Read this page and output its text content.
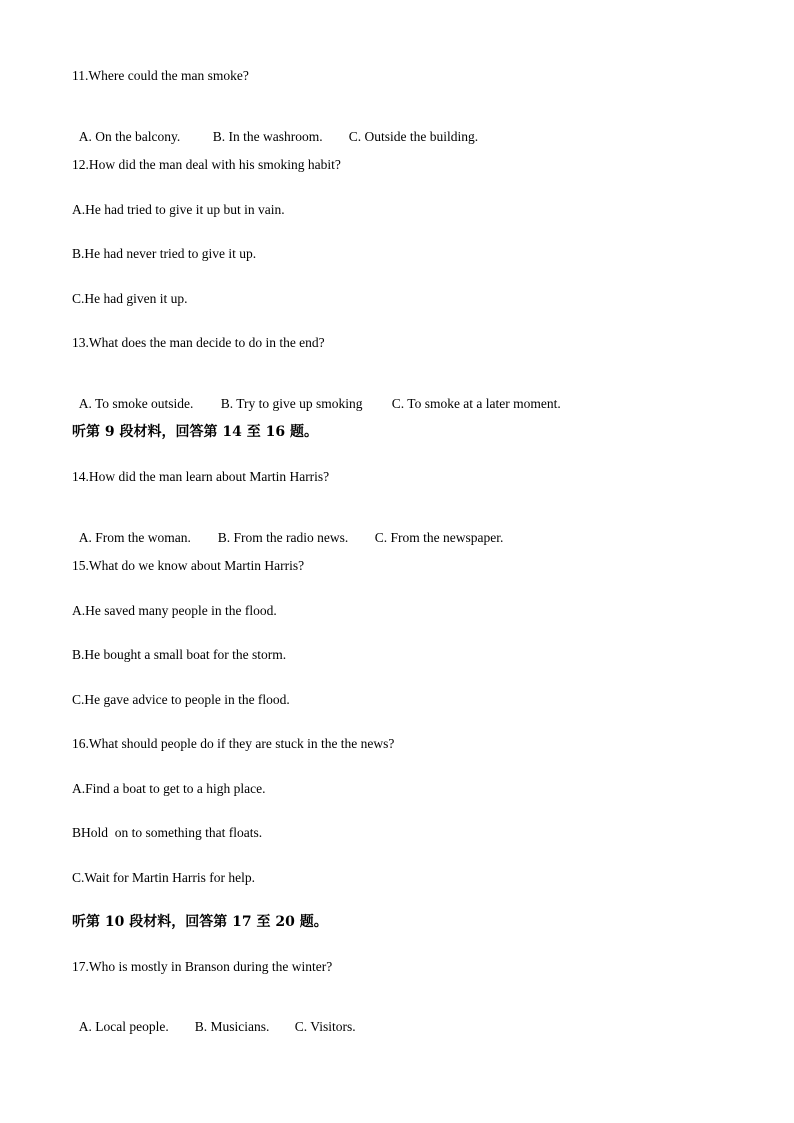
11.Where could the man smoke?

A. On the balcony. B. In the washroom. C. Outside the building.

12.How did the man deal with his smoking habit?
A.He had tried to give it up but in vain.
B.He had never tried to give it up.
C.He had given it up.
13.What does the man decide to do in the end?

A. To smoke outside. B. Try to give up smoking C. To smoke at a later moment.

听第 9 段材料，回答第 14 至 16 题。
14.How did the man learn about Martin Harris?

A. From the woman. B. From the radio news. C. From the newspaper.

15.What do we know about Martin Harris?
A.He saved many people in the flood.
B.He bought a small boat for the storm.
C.He gave advice to people in the flood.
16.What should people do if they are stuck in the the news?
A.Find a boat to get to a high place.
BHold  on to something that floats.
C.Wait for Martin Harris for help.
听第 10 段材料，回答第 17 至 20 题。
17.Who is mostly in Branson during the winter?

A. Local people. B. Musicians. C. Visitors.
